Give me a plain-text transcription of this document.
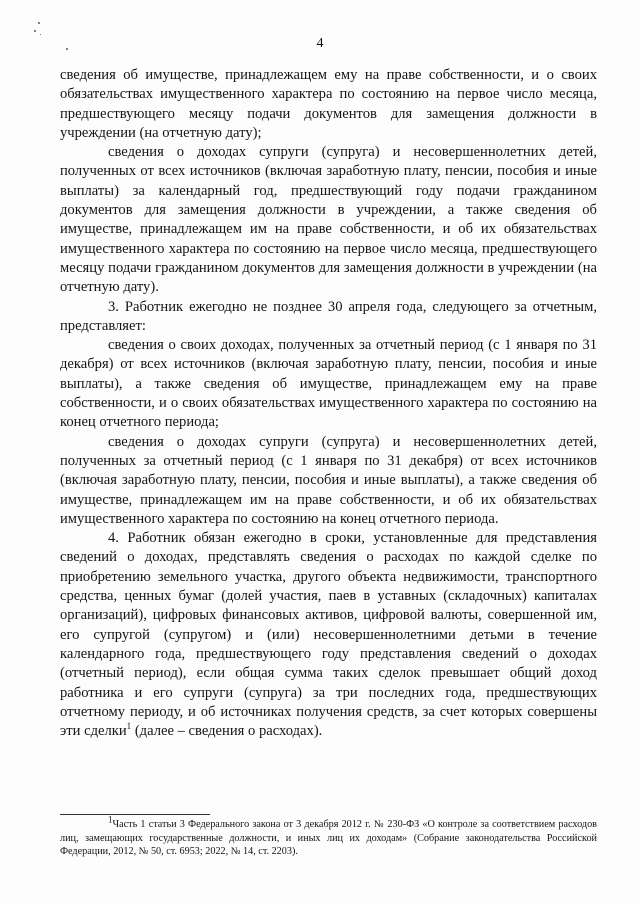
4

сведения об имуществе, принадлежащем ему на праве собственности, и о своих обязательствах имущественного характера по состоянию на первое число месяца, предшествующего месяцу подачи документов для замещения должности в учреждении (на отчетную дату);

сведения о доходах супруги (супруга) и несовершеннолетних детей, полученных от всех источников (включая заработную плату, пенсии, пособия и иные выплаты) за календарный год, предшествующий году подачи гражданином документов для замещения должности в учреждении, а также сведения об имуществе, принадлежащем им на праве собственности, и об их обязательствах имущественного характера по состоянию на первое число месяца, предшествующего месяцу подачи гражданином документов для замещения должности в учреждении (на отчетную дату).

3. Работник ежегодно не позднее 30 апреля года, следующего за отчетным, представляет:

сведения о своих доходах, полученных за отчетный период (с 1 января по 31 декабря) от всех источников (включая заработную плату, пенсии, пособия и иные выплаты), а также сведения об имуществе, принадлежащем ему на праве собственности, и о своих обязательствах имущественного характера по состоянию на конец отчетного периода;

сведения о доходах супруги (супруга) и несовершеннолетних детей, полученных за отчетный период (с 1 января по 31 декабря) от всех источников (включая заработную плату, пенсии, пособия и иные выплаты), а также сведения об имуществе, принадлежащем им на праве собственности, и об их обязательствах имущественного характера по состоянию на конец отчетного периода.

4. Работник обязан ежегодно в сроки, установленные для представления сведений о доходах, представлять сведения о расходах по каждой сделке по приобретению земельного участка, другого объекта недвижимости, транспортного средства, ценных бумаг (долей участия, паев в уставных (складочных) капиталах организаций), цифровых финансовых активов, цифровой валюты, совершенной им, его супругой (супругом) и (или) несовершеннолетними детьми в течение календарного года, предшествующего году представления сведений о доходах (отчетный период), если общая сумма таких сделок превышает общий доход работника и его супруги (супруга) за три последних года, предшествующих отчетному периоду, и об источниках получения средств, за счет которых совершены эти сделки$^1$ (далее – сведения о расходах).

$^1$Часть 1 статьи 3 Федерального закона от 3 декабря 2012 г. № 230-ФЗ «О контроле за соответствием расходов лиц, замещающих государственные должности, и иных лиц их доходам» (Собрание законодательства Российской Федерации, 2012, № 50, ст. 6953; 2022, № 14, ст. 2203).
